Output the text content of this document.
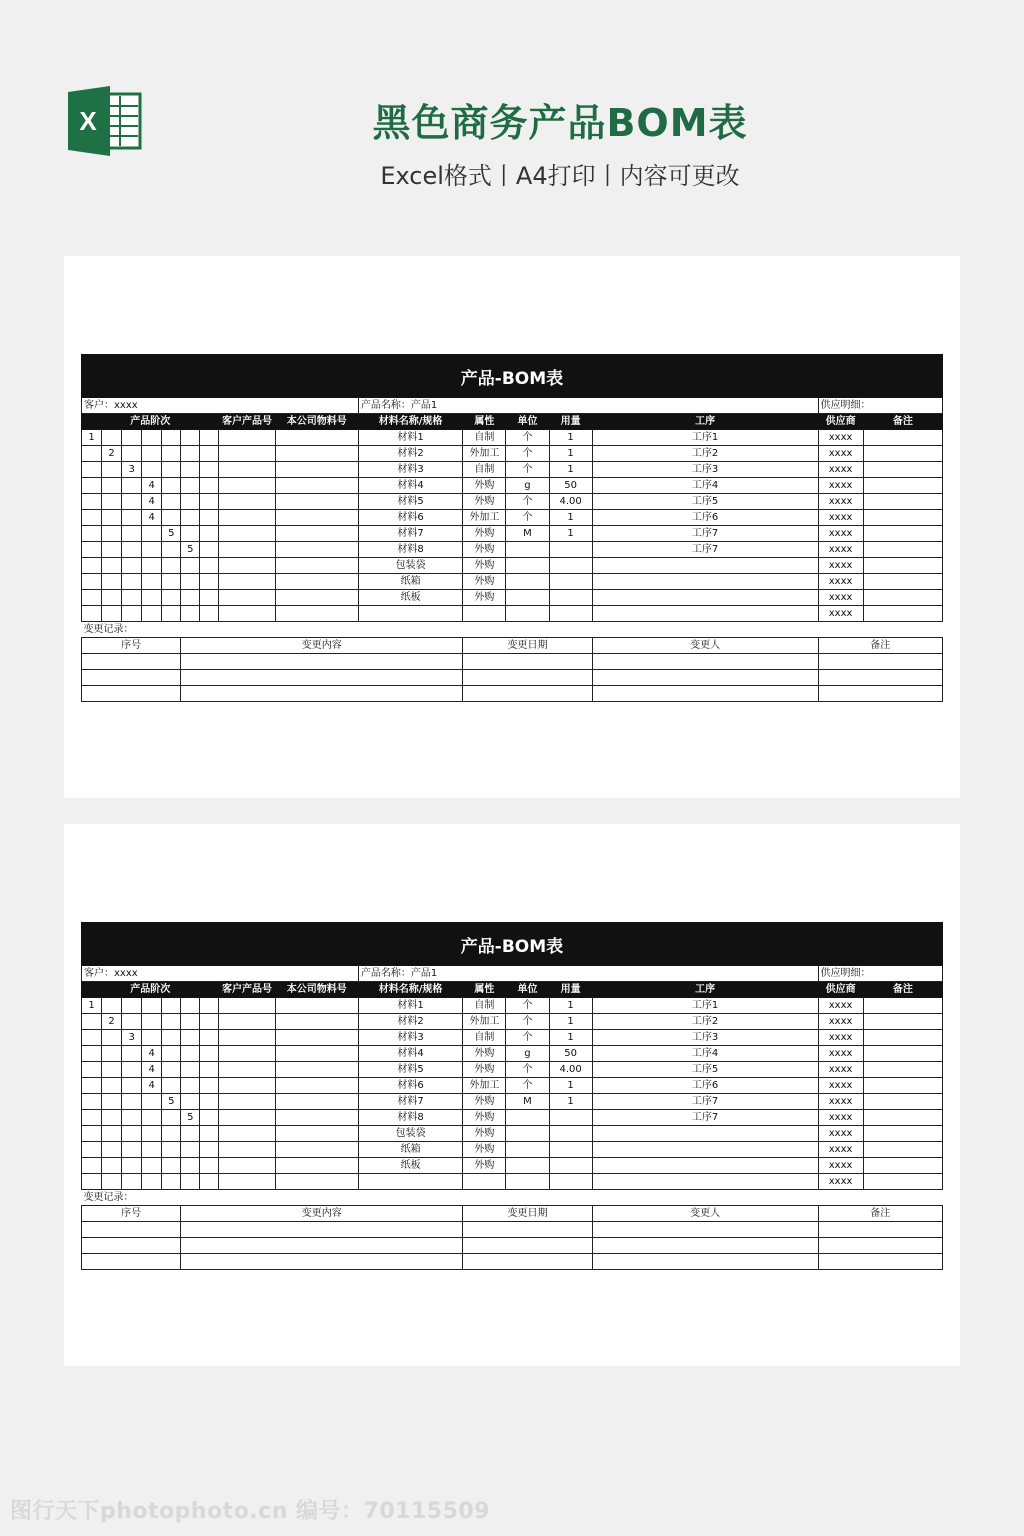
X	黑色商务产品BOM表
Excel格式丨A4打印丨内容可更改
产品-BOM表
客户：xxxx									产品名称：产品1					供应明细：	
产品阶次							客户产品号	本公司物料号	材料名称/规格	属性	单位	用量	工序	供应商	备注
1									材料1	自制	个	1	工序1	xxxx	
	2								材料2	外加工	个	1	工序2	xxxx	
		3							材料3	自制	个	1	工序3	xxxx	
			4						材料4	外购	g	50	工序4	xxxx	
			4						材料5	外购	个	4.00	工序5	xxxx	
			4						材料6	外加工	个	1	工序6	xxxx	
				5					材料7	外购	M	1	工序7	xxxx	
					5				材料8	外购			工序7	xxxx	
									包装袋	外购				xxxx	
									纸箱	外购				xxxx	
									纸板	外购				xxxx	
														xxxx	
变更记录：															
序号					变更内容					变更日期			变更人	备注	

产品-BOM表
客户：xxxx									产品名称：产品1					供应明细：	
产品阶次							客户产品号	本公司物料号	材料名称/规格	属性	单位	用量	工序	供应商	备注
1									材料1	自制	个	1	工序1	xxxx	
	2								材料2	外加工	个	1	工序2	xxxx	
		3							材料3	自制	个	1	工序3	xxxx	
			4						材料4	外购	g	50	工序4	xxxx	
			4						材料5	外购	个	4.00	工序5	xxxx	
			4						材料6	外加工	个	1	工序6	xxxx	
				5					材料7	外购	M	1	工序7	xxxx	
					5				材料8	外购			工序7	xxxx	
									包装袋	外购				xxxx	
									纸箱	外购				xxxx	
									纸板	外购				xxxx	
														xxxx	
变更记录：															
序号					变更内容					变更日期			变更人	备注	

图行天下photophoto.cn 编号：70115509
